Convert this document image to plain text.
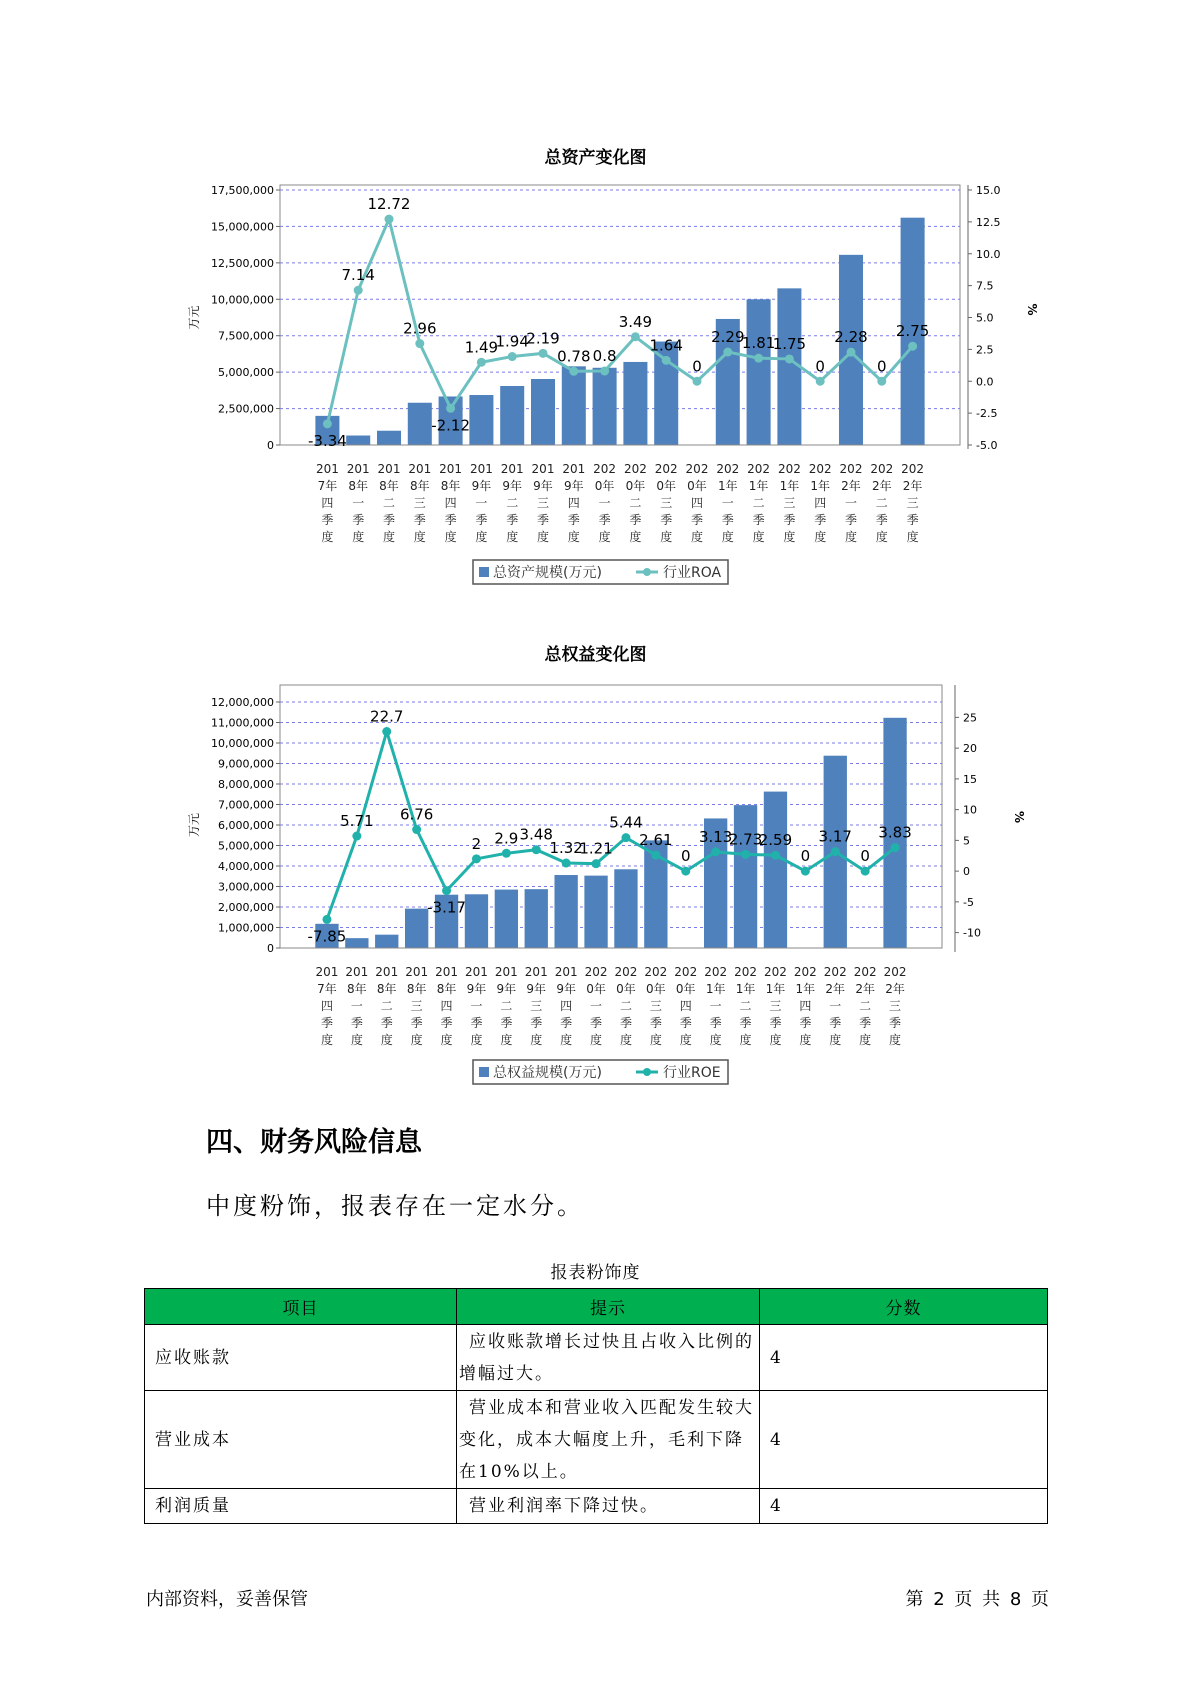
总资产变化图
0
2,500,000
5,000,000
7,500,000
10,000,000
12,500,000
15,000,000
17,500,000
-5.0
-2.5
0.0
2.5
5.0
7.5
10.0
12.5
15.0
万元	%
201
7年
四
季
度
201
8年
一
季
度
201
8年
二
季
度
201
8年
三
季
度
201
8年
四
季
度
201
9年
一
季
度
201
9年
二
季
度
201
9年
三
季
度
201
9年
四
季
度
202
0年
一
季
度
202
0年
二
季
度
202
0年
三
季
度
202
0年
四
季
度
202
1年
一
季
度
202
1年
二
季
度
202
1年
三
季
度
202
1年
四
季
度
202
2年
一
季
度
202
2年
二
季
度
202
2年
三
季
度
-3.34
7.14
12.72
2.96
-2.12
1.49
1.94
2.19
0.78 0.8
3.49
1.64
0
2.29
1.81
1.75
0
2.28
0
2.75
总资产规模(万元)	行业ROA
总权益变化图
0
1,000,000
2,000,000
3,000,000
4,000,000
5,000,000
6,000,000
7,000,000
8,000,000
9,000,000
10,000,000
11,000,000
12,000,000
-10
-5
0
5
10
15
20
25
万元	%
201
7年
四
季
度
201
8年
一
季
度
201
8年
二
季
度
201
8年
三
季
度
201
8年
四
季
度
201
9年
一
季
度
201
9年
二
季
度
201
9年
三
季
度
201
9年
四
季
度
202
0年
一
季
度
202
0年
二
季
度
202
0年
三
季
度
202
0年
四
季
度
202
1年
一
季
度
202
1年
二
季
度
202
1年
三
季
度
202
1年
四
季
度
202
2年
一
季
度
202
2年
二
季
度
202
2年
三
季
度
-7.85
5.71
22.7
6.76
-3.17
2 2.9 3.48
1.32
1.21
5.44
2.61
0
3.13
2.73
2.59
0
3.17
0
3.83
总权益规模(万元)	行业ROE
四、财务风险信息
中度粉饰，报表存在一定水分。
报表粉饰度
项目	提示	分数
应收账款	应收账款增长过快且占收入比例的增幅过大。	4
营业成本	营业成本和营业收入匹配发生较大变化，成本大幅度上升，毛利下降在10%以上。	4
利润质量	营业利润率下降过快。	4
内部资料，妥善保管	第 2 页 共 8 页
